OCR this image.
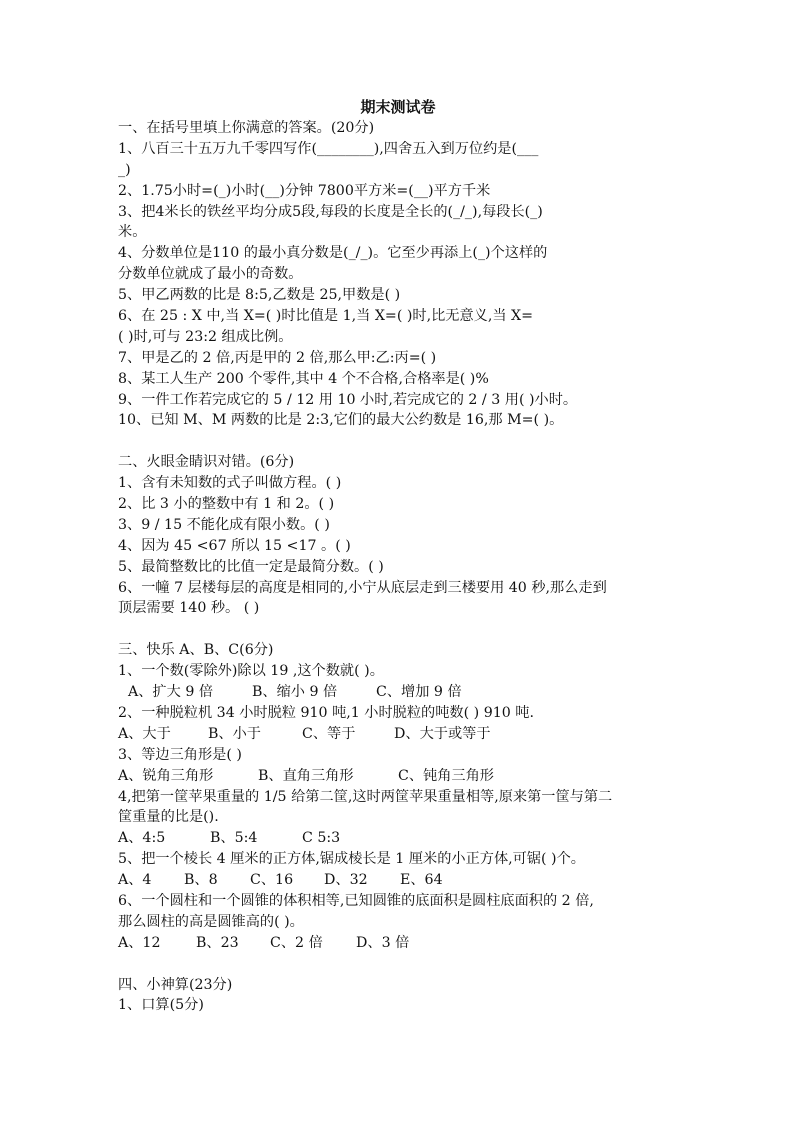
期末测试卷
一、在括号里填上你满意的答案。(20分)
1、八百三十五万九千零四写作(________),四舍五入到万位约是(___
_)
2、1.75小时=(_)小时(__)分钟 7800平方米=(__)平方千米
3、把4米长的铁丝平均分成5段,每段的长度是全长的(_/_),每段长(_)
米。
4、分数单位是110 的最小真分数是(_/_)。它至少再添上(_)个这样的
分数单位就成了最小的奇数。
5、甲乙两数的比是 8:5,乙数是 25,甲数是( )
6、在 25 : X 中,当 X=( )时比值是 1,当 X=( )时,比无意义,当 X=
( )时,可与 23:2 组成比例。
7、甲是乙的 2 倍,丙是甲的 2 倍,那么甲:乙:丙=( )
8、某工人生产 200 个零件,其中 4 个不合格,合格率是( )%
9、一件工作若完成它的 5 / 12 用 10 小时,若完成它的 2 / 3 用( )小时。
10、已知 M、M 两数的比是 2:3,它们的最大公约数是 16,那 M=( )。
二、火眼金睛识对错。(6分)
1、含有未知数的式子叫做方程。( )
2、比 3 小的整数中有 1 和 2。( )
3、9 / 15 不能化成有限小数。( )
4、因为 45 <67 所以 15 <17 。( )
5、最简整数比的比值一定是最简分数。( )
6、一幢 7 层楼每层的高度是相同的,小宁从底层走到三楼要用 40 秒,那么走到
顶层需要 140 秒。 ( )
三、快乐 A、B、C(6分)
1、一个数(零除外)除以 19 ,这个数就( )。
A、扩大 9 倍	B、缩小 9 倍	C、增加 9 倍
2、一种脱粒机 34 小时脱粒 910 吨,1 小时脱粒的吨数( ) 910 吨.
A、大于	B、小于	C、等于	D、大于或等于
3、等边三角形是( )
A、锐角三角形	B、直角三角形	C、钝角三角形
4,把第一筐苹果重量的 1/5 给第二筐,这时两筐苹果重量相等,原来第一筐与第二
筐重量的比是().
A、4:5	B、5:4	C 5:3
5、把一个棱长 4 厘米的正方体,锯成棱长是 1 厘米的小正方体,可锯( )个。
A、4 B、8 C、16 D、32 E、64
6、一个圆柱和一个圆锥的体积相等,已知圆锥的底面积是圆柱底面积的 2 倍,
那么圆柱的高是圆锥高的( )。
A、12	B、23 C、2 倍 D、3 倍
四、小神算(23分)
1、口算(5分)
